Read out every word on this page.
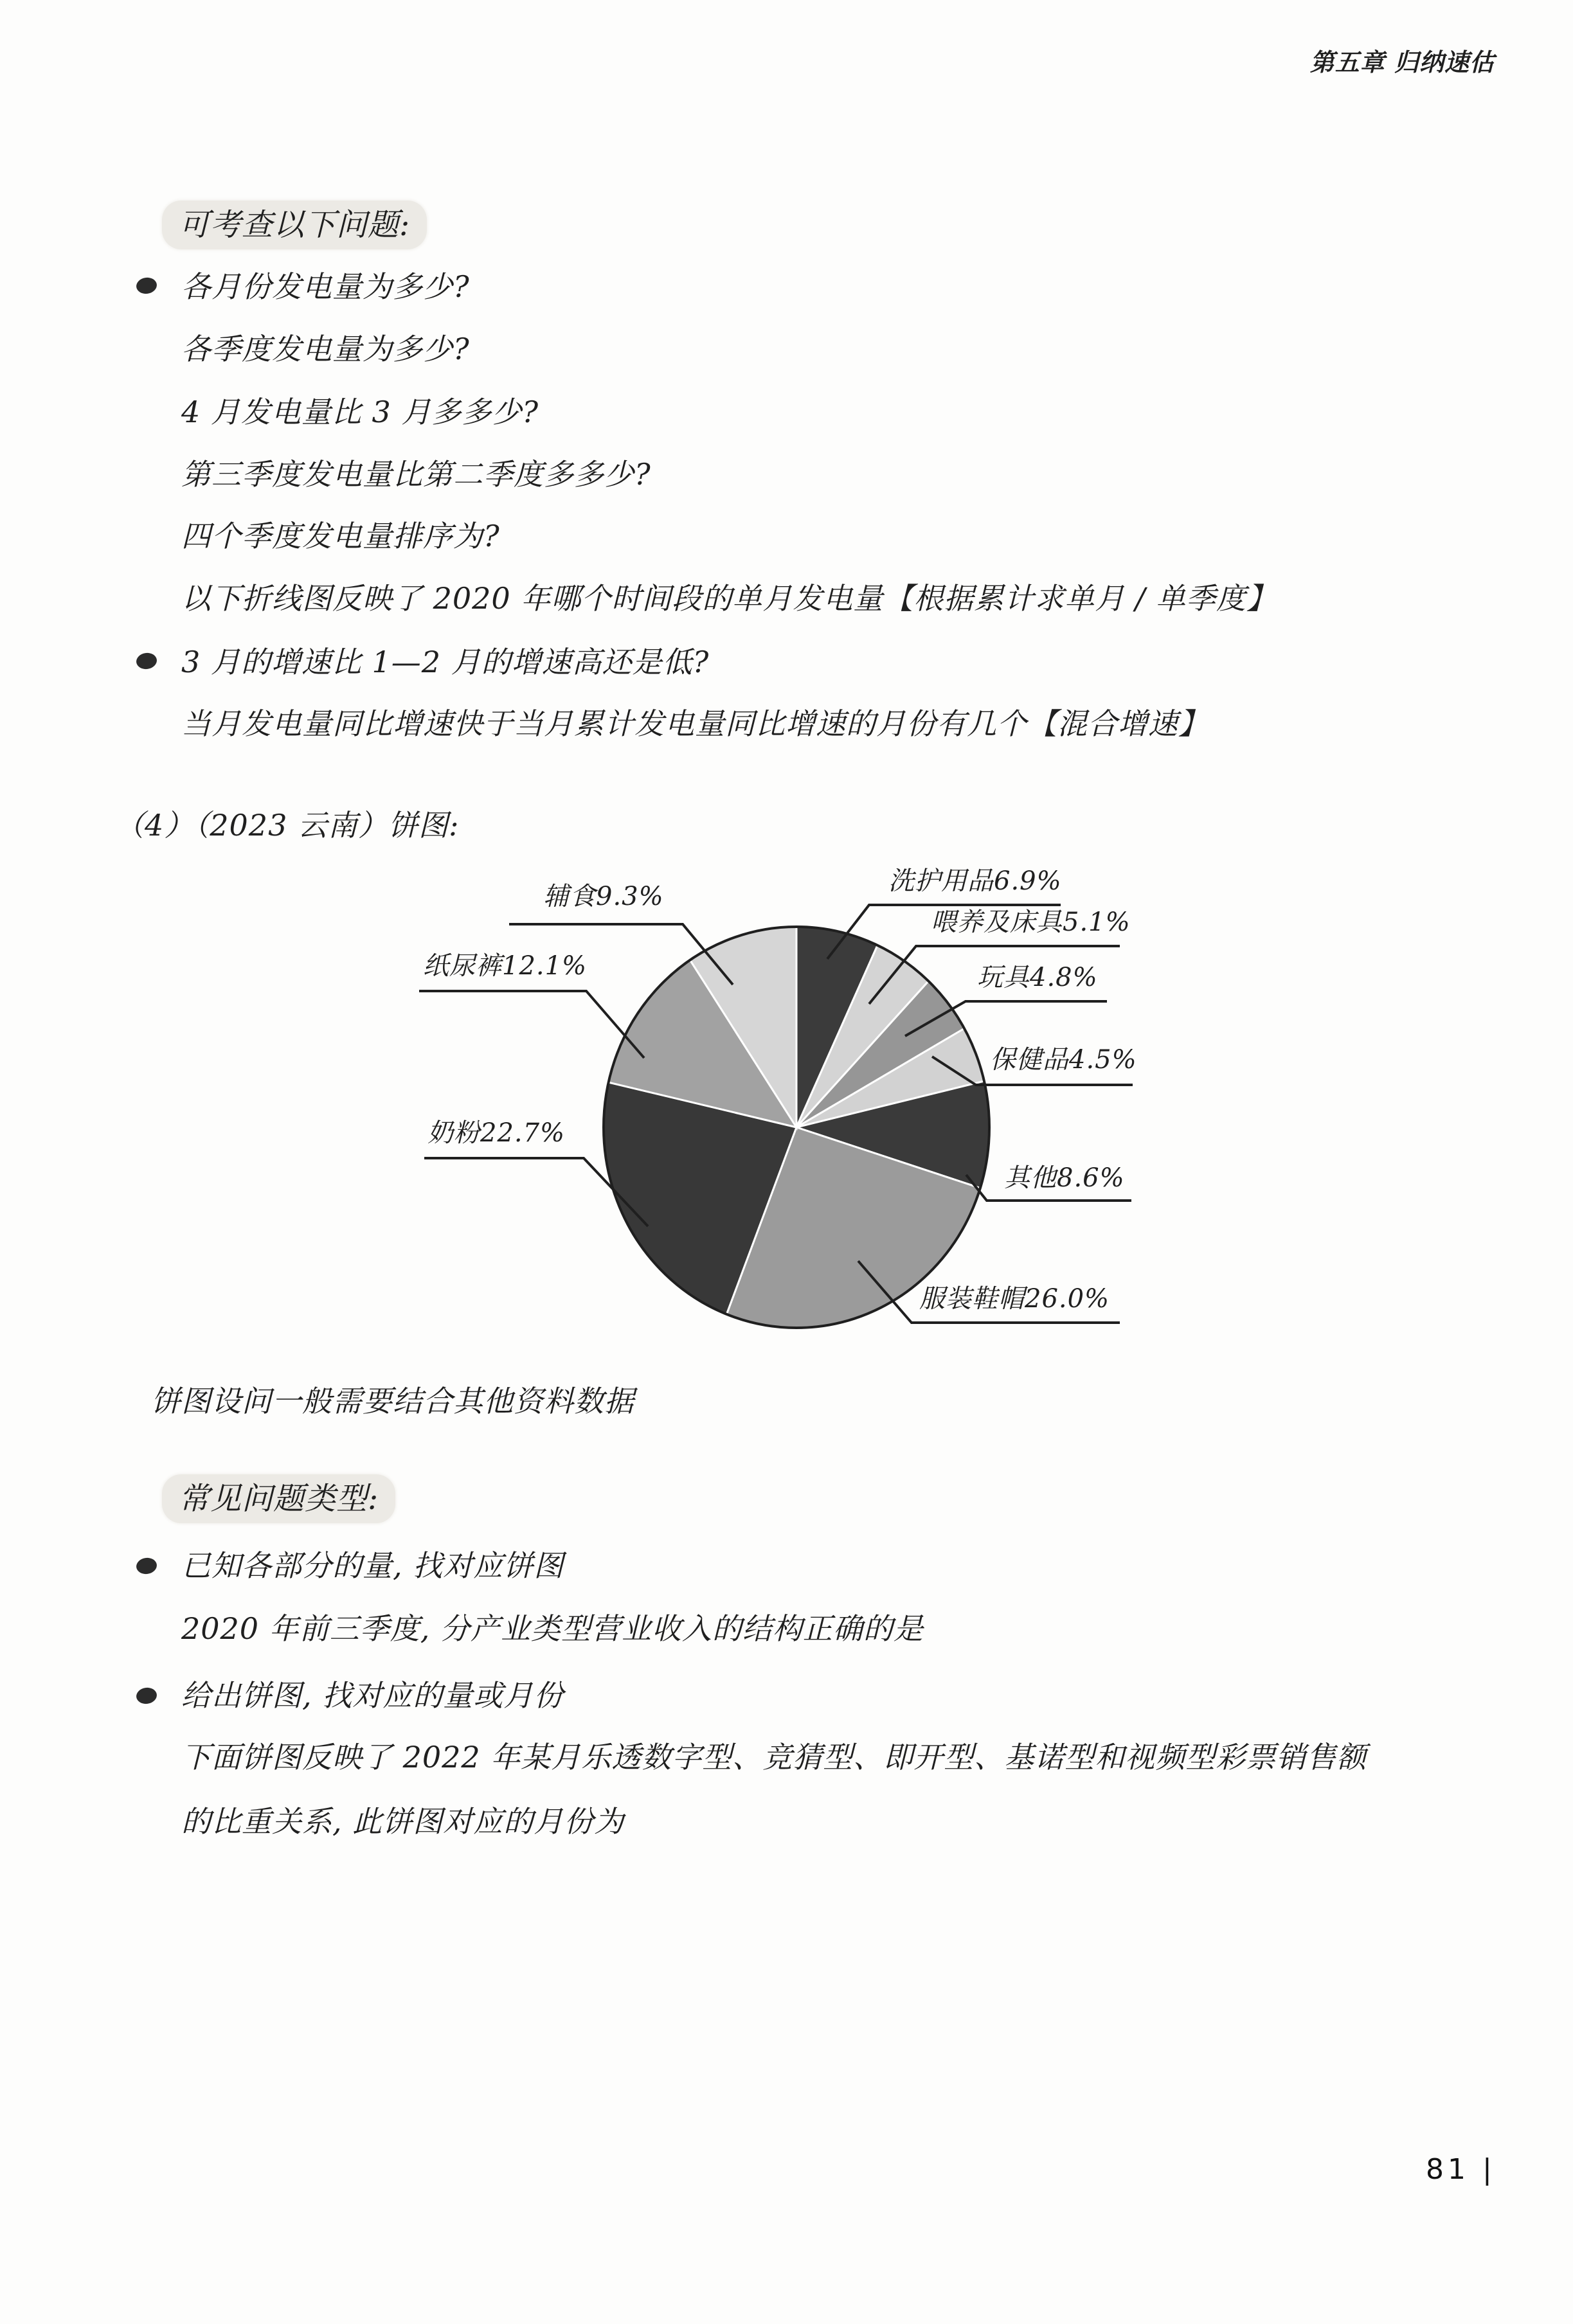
第五章 归纳速估
可考查以下问题:
各月份发电量为多少?
各季度发电量为多少?
4 月发电量比 3 月多多少?
第三季度发电量比第二季度多多少?
四个季度发电量排序为?
以下折线图反映了 2020 年哪个时间段的单月发电量【根据累计求单月 / 单季度】
3 月的增速比 1—2 月的增速高还是低?
当月发电量同比增速快于当月累计发电量同比增速的月份有几个【混合增速】
（4）（2023 云南）饼图:
洗护用品6.9%
喂养及床具5.1%
玩具4.8%
保健品4.5%
其他8.6%
服装鞋帽26.0%
奶粉22.7%
纸尿裤12.1%
辅食9.3%
饼图设问一般需要结合其他资料数据
常见问题类型:
已知各部分的量, 找对应饼图
2020 年前三季度, 分产业类型营业收入的结构正确的是
给出饼图, 找对应的量或月份
下面饼图反映了 2022 年某月乐透数字型、竞猜型、即开型、基诺型和视频型彩票销售额
的比重关系, 此饼图对应的月份为
81 |
